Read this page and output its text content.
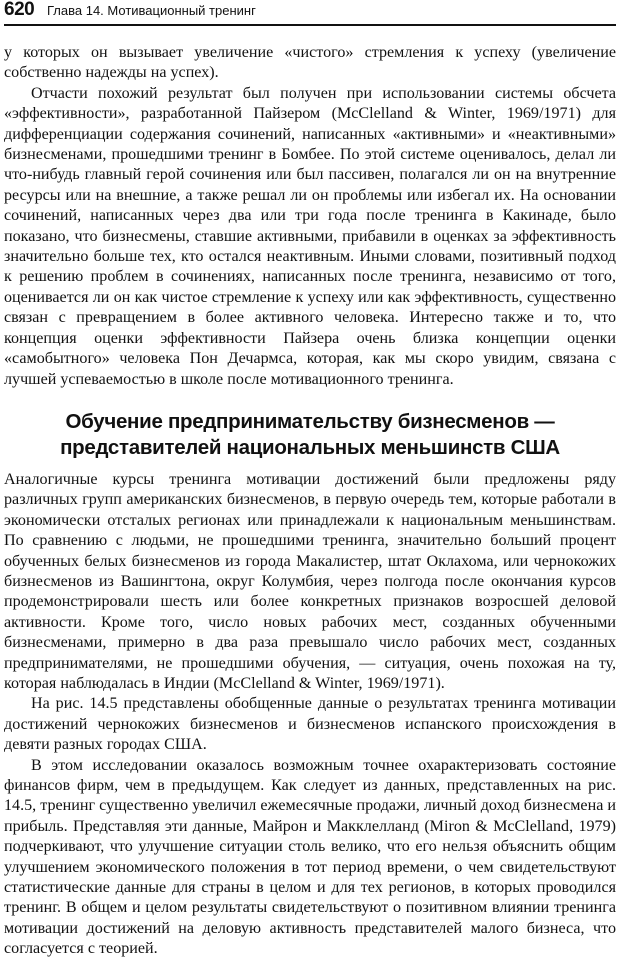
620 Глава 14. Мотивационный тренинг

у которых он вызывает увеличение «чистого» стремления к успеху (увеличение собственно надежды на успех).

Отчасти похожий результат был получен при использовании системы обсчета «эффективности», разработанной Пайзером (McClelland & Winter, 1969/1971) для дифференциации содержания сочинений, написанных «активными» и «неактивными» бизнесменами, прошедшими тренинг в Бомбее. По этой системе оценивалось, делал ли что-нибудь главный герой сочинения или был пассивен, полагался ли он на внутренние ресурсы или на внешние, а также решал ли он проблемы или избегал их. На основании сочинений, написанных через два или три года после тренинга в Какинаде, было показано, что бизнесмены, ставшие активными, прибавили в оценках за эффективность значительно больше тех, кто остался неактивным. Иными словами, позитивный подход к решению проблем в сочинениях, написанных после тренинга, независимо от того, оценивается ли он как чистое стремление к успеху или как эффективность, существенно связан с превращением в более активного человека. Интересно также и то, что концепция оценки эффективности Пайзера очень близка концепции оценки «самобытного» человека Пон Дечармса, которая, как мы скоро увидим, связана с лучшей успеваемостью в школе после мотивационного тренинга.

Обучение предпринимательству бизнесменов —
представителей национальных меньшинств США

Аналогичные курсы тренинга мотивации достижений были предложены ряду различных групп американских бизнесменов, в первую очередь тем, которые работали в экономически отсталых регионах или принадлежали к национальным меньшинствам. По сравнению с людьми, не прошедшими тренинга, значительно больший процент обученных белых бизнесменов из города Макалистер, штат Оклахома, или чернокожих бизнесменов из Вашингтона, округ Колумбия, через полгода после окончания курсов продемонстрировали шесть или более конкретных признаков возросшей деловой активности. Кроме того, число новых рабочих мест, созданных обученными бизнесменами, примерно в два раза превышало число рабочих мест, созданных предпринимателями, не прошедшими обучения, — ситуация, очень похожая на ту, которая наблюдалась в Индии (McClelland & Winter, 1969/1971).

На рис. 14.5 представлены обобщенные данные о результатах тренинга мотивации достижений чернокожих бизнесменов и бизнесменов испанского происхождения в девяти разных городах США.

В этом исследовании оказалось возможным точнее охарактеризовать состояние финансов фирм, чем в предыдущем. Как следует из данных, представленных на рис. 14.5, тренинг существенно увеличил ежемесячные продажи, личный доход бизнесмена и прибыль. Представляя эти данные, Майрон и Макклелланд (Miron & McClelland, 1979) подчеркивают, что улучшение ситуации столь велико, что его нельзя объяснить общим улучшением экономического положения в тот период времени, о чем свидетельствуют статистические данные для страны в целом и для тех регионов, в которых проводился тренинг. В общем и целом результаты свидетельствуют о позитивном влиянии тренинга мотивации достижений на деловую активность представителей малого бизнеса, что согласуется с теорией.
